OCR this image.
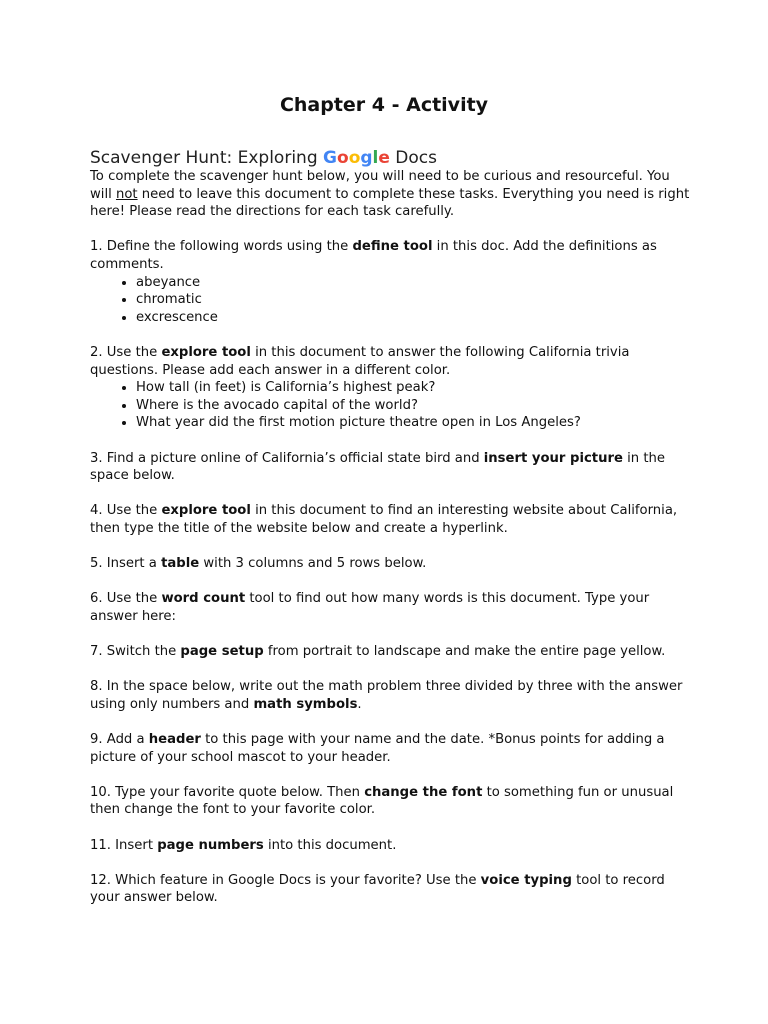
Chapter 4 - Activity
Scavenger Hunt: Exploring Google Docs

To complete the scavenger hunt below, you will need to be curious and resourceful. You will not need to leave this document to complete these tasks. Everything you need is right here! Please read the directions for each task carefully.

1. Define the following words using the define tool in this doc. Add the definitions as comments.

• abeyance
• chromatic
• excrescence

2. Use the explore tool in this document to answer the following California trivia questions. Please add each answer in a different color.

• How tall (in feet) is California’s highest peak?
• Where is the avocado capital of the world?
• What year did the first motion picture theatre open in Los Angeles?

3. Find a picture online of California’s official state bird and insert your picture in the space below.

4. Use the explore tool in this document to find an interesting website about California, then type the title of the website below and create a hyperlink.

5. Insert a table with 3 columns and 5 rows below.

6. Use the word count tool to find out how many words is this document. Type your answer here:

7. Switch the page setup from portrait to landscape and make the entire page yellow.

8. In the space below, write out the math problem three divided by three with the answer using only numbers and math symbols.

9. Add a header to this page with your name and the date. *Bonus points for adding a picture of your school mascot to your header.

10. Type your favorite quote below. Then change the font to something fun or unusual then change the font to your favorite color.

11. Insert page numbers into this document.

12. Which feature in Google Docs is your favorite? Use the voice typing tool to record your answer below.
